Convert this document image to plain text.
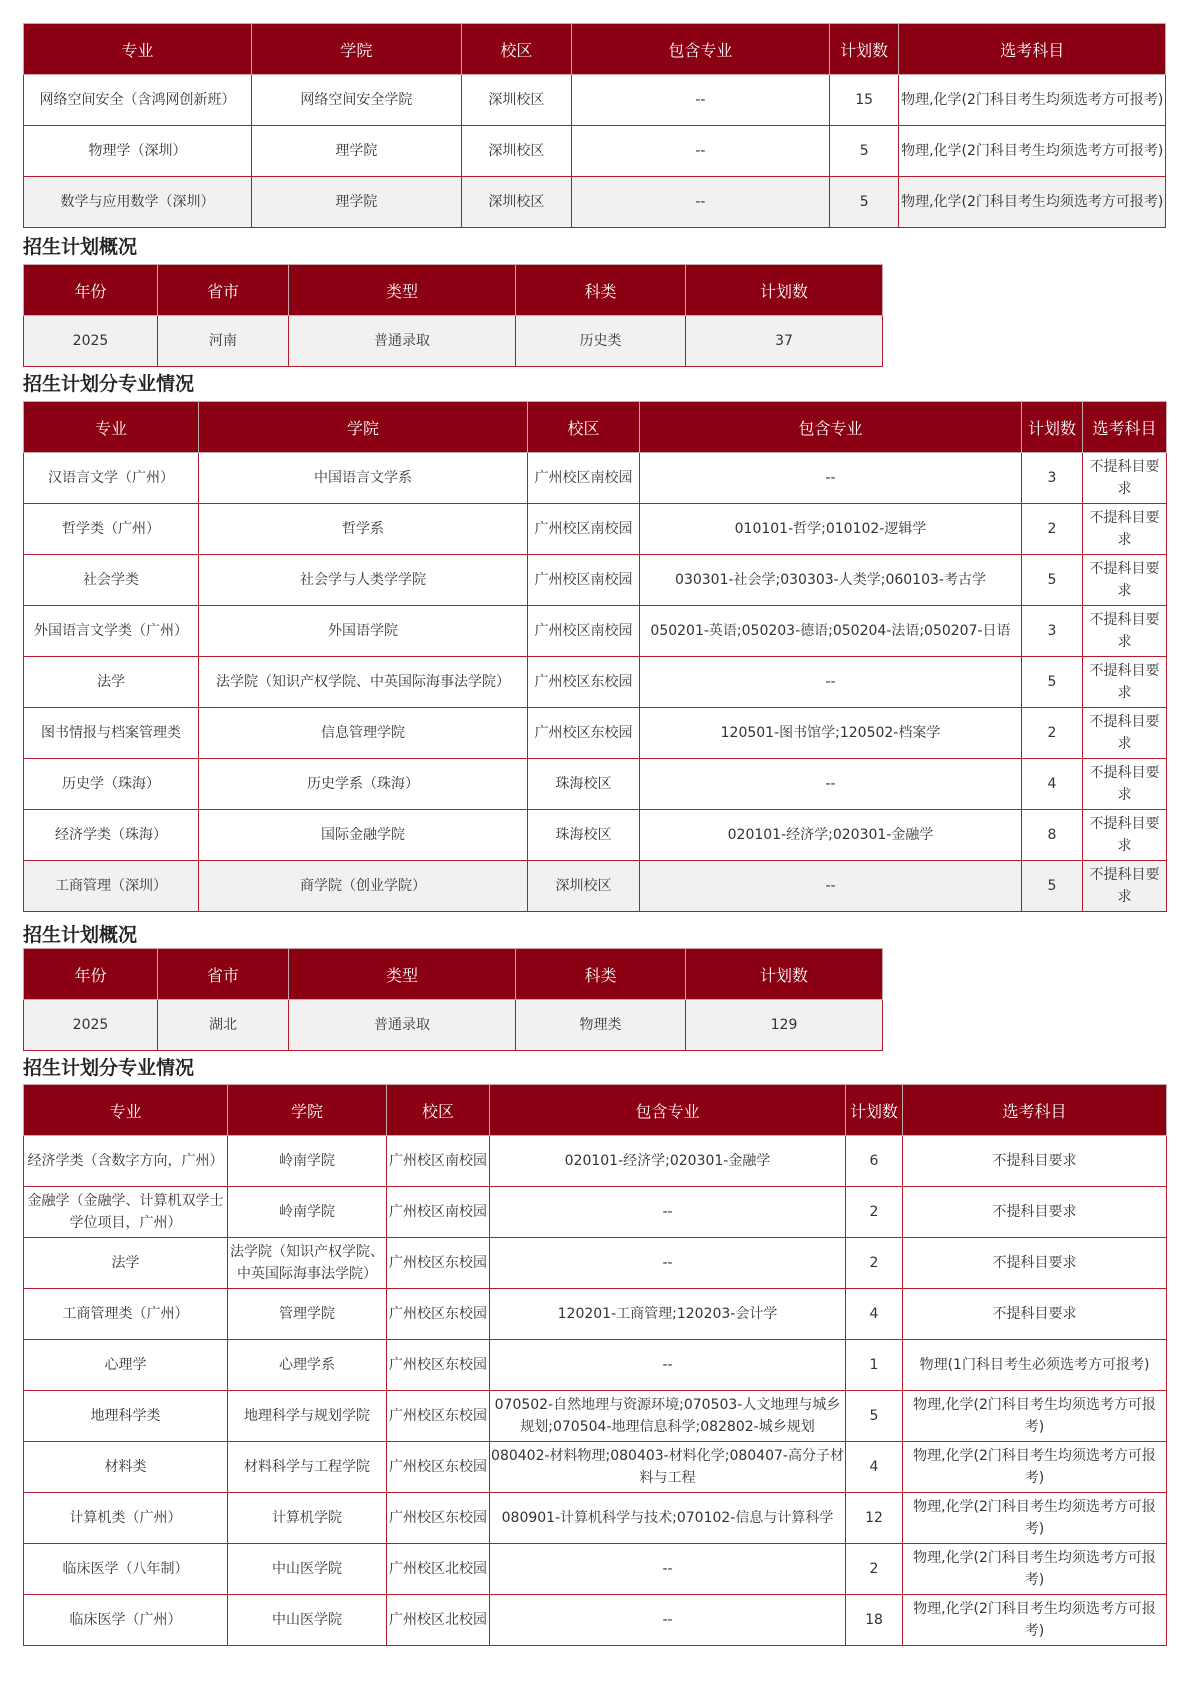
专业	学院	校区	包含专业	计划数	选考科目
网络空间安全（含鸿网创新班）	网络空间安全学院	深圳校区	--	15	物理,化学(2门科目考生均须选考方可报考)
物理学（深圳）	理学院	深圳校区	--	5	物理,化学(2门科目考生均须选考方可报考)
数学与应用数学（深圳）	理学院	深圳校区	--	5	物理,化学(2门科目考生均须选考方可报考)
招生计划概况
年份	省市	类型	科类	计划数
2025	河南	普通录取	历史类	37
招生计划分专业情况
专业	学院	校区	包含专业	计划数	选考科目
汉语言文学（广州）	中国语言文学系	广州校区南校园	--	3	不提科目要求
哲学类（广州）	哲学系	广州校区南校园	010101-哲学;010102-逻辑学	2	不提科目要求
社会学类	社会学与人类学学院	广州校区南校园	030301-社会学;030303-人类学;060103-考古学	5	不提科目要求
外国语言文学类（广州）	外国语学院	广州校区南校园	050201-英语;050203-德语;050204-法语;050207-日语	3	不提科目要求
法学	法学院（知识产权学院、中英国际海事法学院）	广州校区东校园	--	5	不提科目要求
图书情报与档案管理类	信息管理学院	广州校区东校园	120501-图书馆学;120502-档案学	2	不提科目要求
历史学（珠海）	历史学系（珠海）	珠海校区	--	4	不提科目要求
经济学类（珠海）	国际金融学院	珠海校区	020101-经济学;020301-金融学	8	不提科目要求
工商管理（深圳）	商学院（创业学院）	深圳校区	--	5	不提科目要求
招生计划概况
年份	省市	类型	科类	计划数
2025	湖北	普通录取	物理类	129
招生计划分专业情况
专业	学院	校区	包含专业	计划数	选考科目
经济学类（含数字方向，广州）	岭南学院	广州校区南校园	020101-经济学;020301-金融学	6	不提科目要求
金融学（金融学、计算机双学士学位项目，广州）	岭南学院	广州校区南校园	--	2	不提科目要求
法学	法学院（知识产权学院、中英国际海事法学院）	广州校区东校园	--	2	不提科目要求
工商管理类（广州）	管理学院	广州校区东校园	120201-工商管理;120203-会计学	4	不提科目要求
心理学	心理学系	广州校区东校园	--	1	物理(1门科目考生必须选考方可报考)
地理科学类	地理科学与规划学院	广州校区东校园	070502-自然地理与资源环境;070503-人文地理与城乡规划;070504-地理信息科学;082802-城乡规划	5	物理,化学(2门科目考生均须选考方可报考)
材料类	材料科学与工程学院	广州校区东校园	080402-材料物理;080403-材料化学;080407-高分子材料与工程	4	物理,化学(2门科目考生均须选考方可报考)
计算机类（广州）	计算机学院	广州校区东校园	080901-计算机科学与技术;070102-信息与计算科学	12	物理,化学(2门科目考生均须选考方可报考)
临床医学（八年制）	中山医学院	广州校区北校园	--	2	物理,化学(2门科目考生均须选考方可报考)
临床医学（广州）	中山医学院	广州校区北校园	--	18	物理,化学(2门科目考生均须选考方可报考)
